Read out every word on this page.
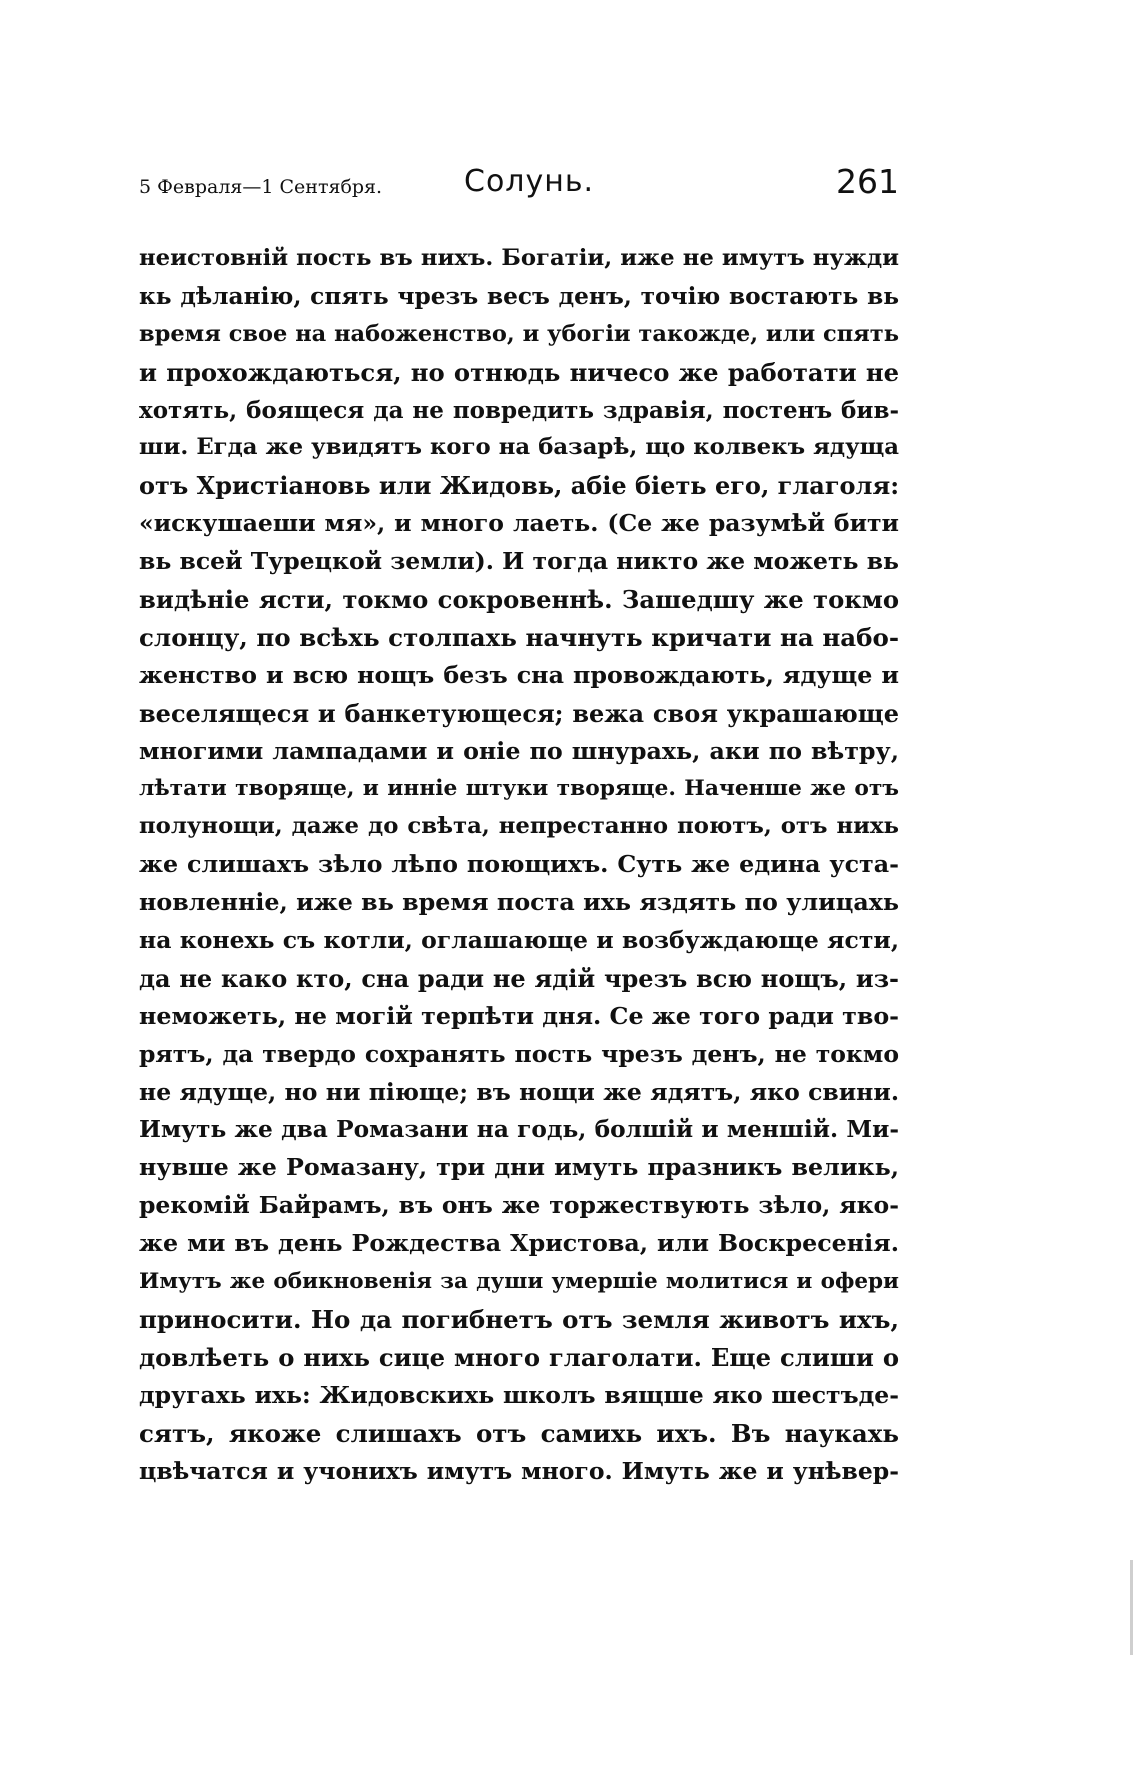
5 Февраля—1 Сентября.	Солунь.	261
неистовній пость въ нихъ. Богатіи, иже не имутъ нужди
кь дѣланію, спять чрезъ весъ денъ, точію востають вь
время свое на набоженство, и убогіи такожде, или спять
и прохождаються, но отнюдь ничесо же работати не
хотять, боящеся да не повредить здравія, постенъ бив-
ши. Егда же увидятъ кого на базарѣ, що колвекъ ядуща
отъ Христіановь или Жидовь, абіе біеть его, глаголя:
«искушаеши мя», и много лаеть. (Се же разумѣй бити
вь всей Турецкой земли). И тогда никто же можеть вь
видѣніе ясти, токмо сокровеннѣ. Зашедшу же токмо
слонцу, по всѣхь столпахь начнуть кричати на набо-
женство и всю нощъ безъ сна провождають, ядуще и
веселящеся и банкетующеся; вежа своя украшающе
многими лампадами и оніе по шнурахь, аки по вѣтру,
лѣтати творяще, и инніе штуки творяще. Наченше же отъ
полунощи, даже до свѣта, непрестанно поютъ, отъ нихь
же слишахъ зѣло лѣпо поющихъ. Суть же едина уста-
новленніе, иже вь время поста ихь яздять по улицахь
на конехь съ котли, оглашающе и возбуждающе ясти,
да не како кто, сна ради не ядій чрезъ всю нощъ, из-
неможеть, не могій терпѣти дня. Се же того ради тво-
рятъ, да твердо сохранять пость чрезъ денъ, не токмо
не ядуще, но ни піюще; въ нощи же ядятъ, яко свини.
Имуть же два Ромазани на годь, болшій и меншій. Ми-
нувше же Ромазану, три дни имуть празникъ великь,
рекомій Байрамъ, въ онъ же торжествують зѣло, яко-
же ми въ день Рождества Христова, или Воскресенія.
Имутъ же обикновенія за души умершіе молитися и офери
приносити. Но да погибнетъ отъ земля животъ ихъ,
довлѣеть о нихь сице много глаголати. Еще слиши о
другахь ихь: Жидовскихь школъ вящше яко шестъде-
сятъ, якоже слишахъ отъ самихь ихъ. Въ наукахь
цвѣчатся и учонихъ имутъ много. Имуть же и унѣвер-
